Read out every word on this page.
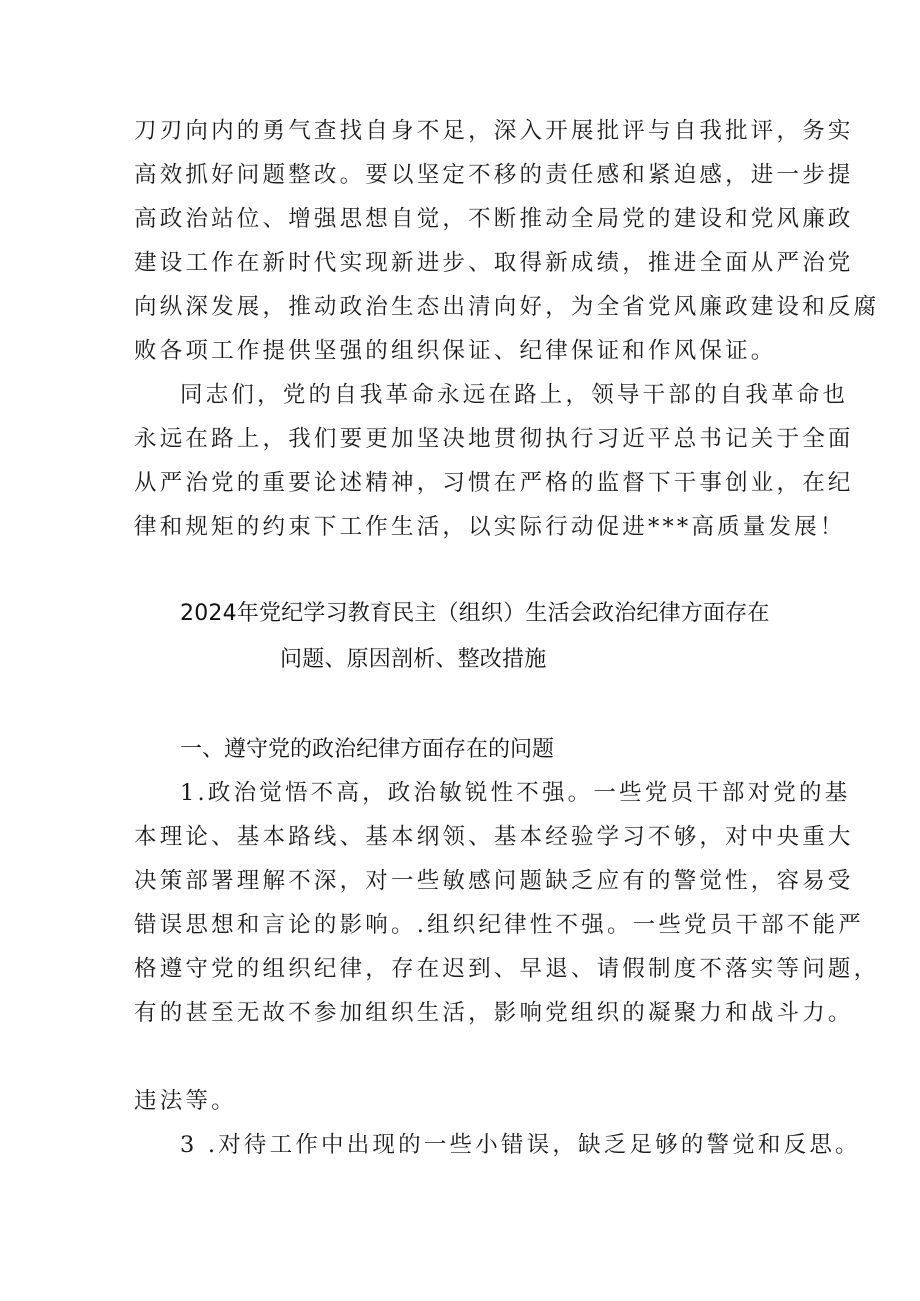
刀刃向内的勇气查找自身不足，深入开展批评与自我批评，务实
高效抓好问题整改。要以坚定不移的责任感和紧迫感，进一步提
高政治站位、增强思想自觉，不断推动全局党的建设和党风廉政
建设工作在新时代实现新进步、取得新成绩，推进全面从严治党
向纵深发展，推动政治生态出清向好，为全省党风廉政建设和反腐
败各项工作提供坚强的组织保证、纪律保证和作风保证。
同志们，党的自我革命永远在路上，领导干部的自我革命也
永远在路上，我们要更加坚决地贯彻执行习近平总书记关于全面
从严治党的重要论述精神，习惯在严格的监督下干事创业，在纪
律和规矩的约束下工作生活，以实际行动促进***高质量发展！
2024年党纪学习教育民主（组织）生活会政治纪律方面存在
问题、原因剖析、整改措施
一、遵守党的政治纪律方面存在的问题
1.政治觉悟不高，政治敏锐性不强。一些党员干部对党的基
本理论、基本路线、基本纲领、基本经验学习不够，对中央重大
决策部署理解不深，对一些敏感问题缺乏应有的警觉性，容易受
错误思想和言论的影响。.组织纪律性不强。一些党员干部不能严
格遵守党的组织纪律，存在迟到、早退、请假制度不落实等问题，
有的甚至无故不参加组织生活，影响党组织的凝聚力和战斗力。
违法等。
3 .对待工作中出现的一些小错误，缺乏足够的警觉和反思。
